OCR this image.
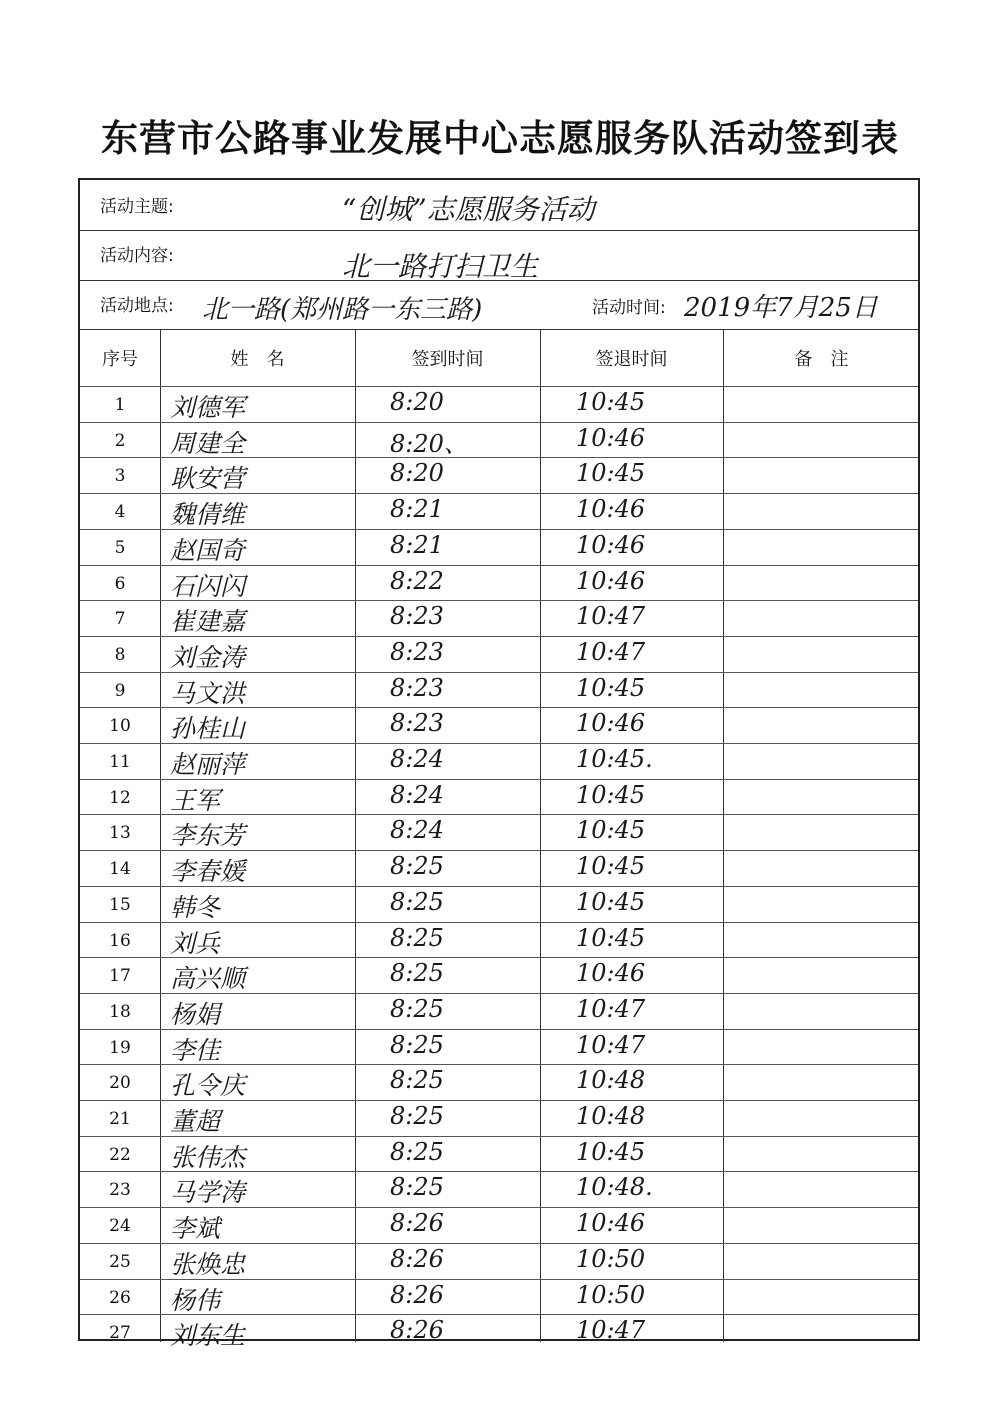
东营市公路事业发展中心志愿服务队活动签到表
活动主题:	“创城”志愿服务活动
活动内容:	北一路打扫卫生
活动地点: 北一路(郑州路一东三路)	活动时间: 2019年7月25日
序号	姓　名	签到时间	签退时间	备　注
1	刘德军	8:20	10:45
2	周建全	8:20、	10:46
3	耿安营	8:20	10:45
4	魏倩维	8:21	10:46
5	赵国奇	8:21	10:46
6	石闪闪	8:22	10:46
7	崔建嘉	8:23	10:47
8	刘金涛	8:23	10:47
9	马文洪	8:23	10:45
10	孙桂山	8:23	10:46
11	赵丽萍	8:24	10:45.
12	王军	8:24	10:45
13	李东芳	8:24	10:45
14	李春媛	8:25	10:45
15	韩冬	8:25	10:45
16	刘兵	8:25	10:45
17	高兴顺	8:25	10:46
18	杨娟	8:25	10:47
19	李佳	8:25	10:47
20	孔令庆	8:25	10:48
21	董超	8:25	10:48
22	张伟杰	8:25	10:45
23	马学涛	8:25	10:48.
24	李斌	8:26	10:46
25	张焕忠	8:26	10:50
26	杨伟	8:26	10:50
27	刘东生	8:26	10:47
